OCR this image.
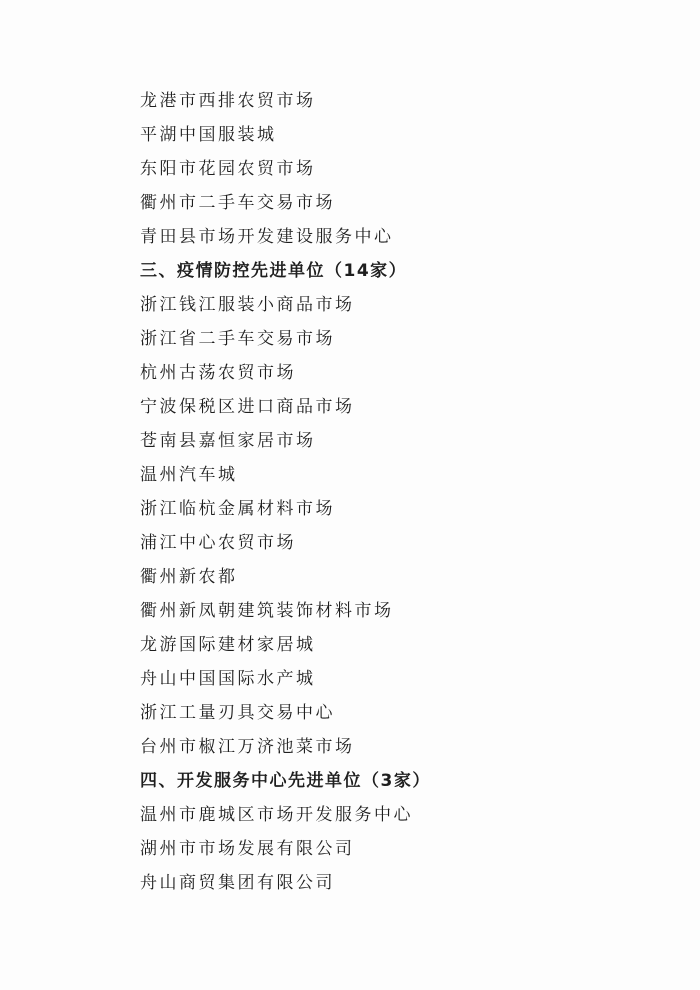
龙港市西排农贸市场
平湖中国服装城
东阳市花园农贸市场
衢州市二手车交易市场
青田县市场开发建设服务中心
三、疫情防控先进单位（14家）
浙江钱江服装小商品市场
浙江省二手车交易市场
杭州古荡农贸市场
宁波保税区进口商品市场
苍南县嘉恒家居市场
温州汽车城
浙江临杭金属材料市场
浦江中心农贸市场
衢州新农都
衢州新凤朝建筑装饰材料市场
龙游国际建材家居城
舟山中国国际水产城
浙江工量刃具交易中心
台州市椒江万济池菜市场
四、开发服务中心先进单位（3家）
温州市鹿城区市场开发服务中心
湖州市市场发展有限公司
舟山商贸集团有限公司
